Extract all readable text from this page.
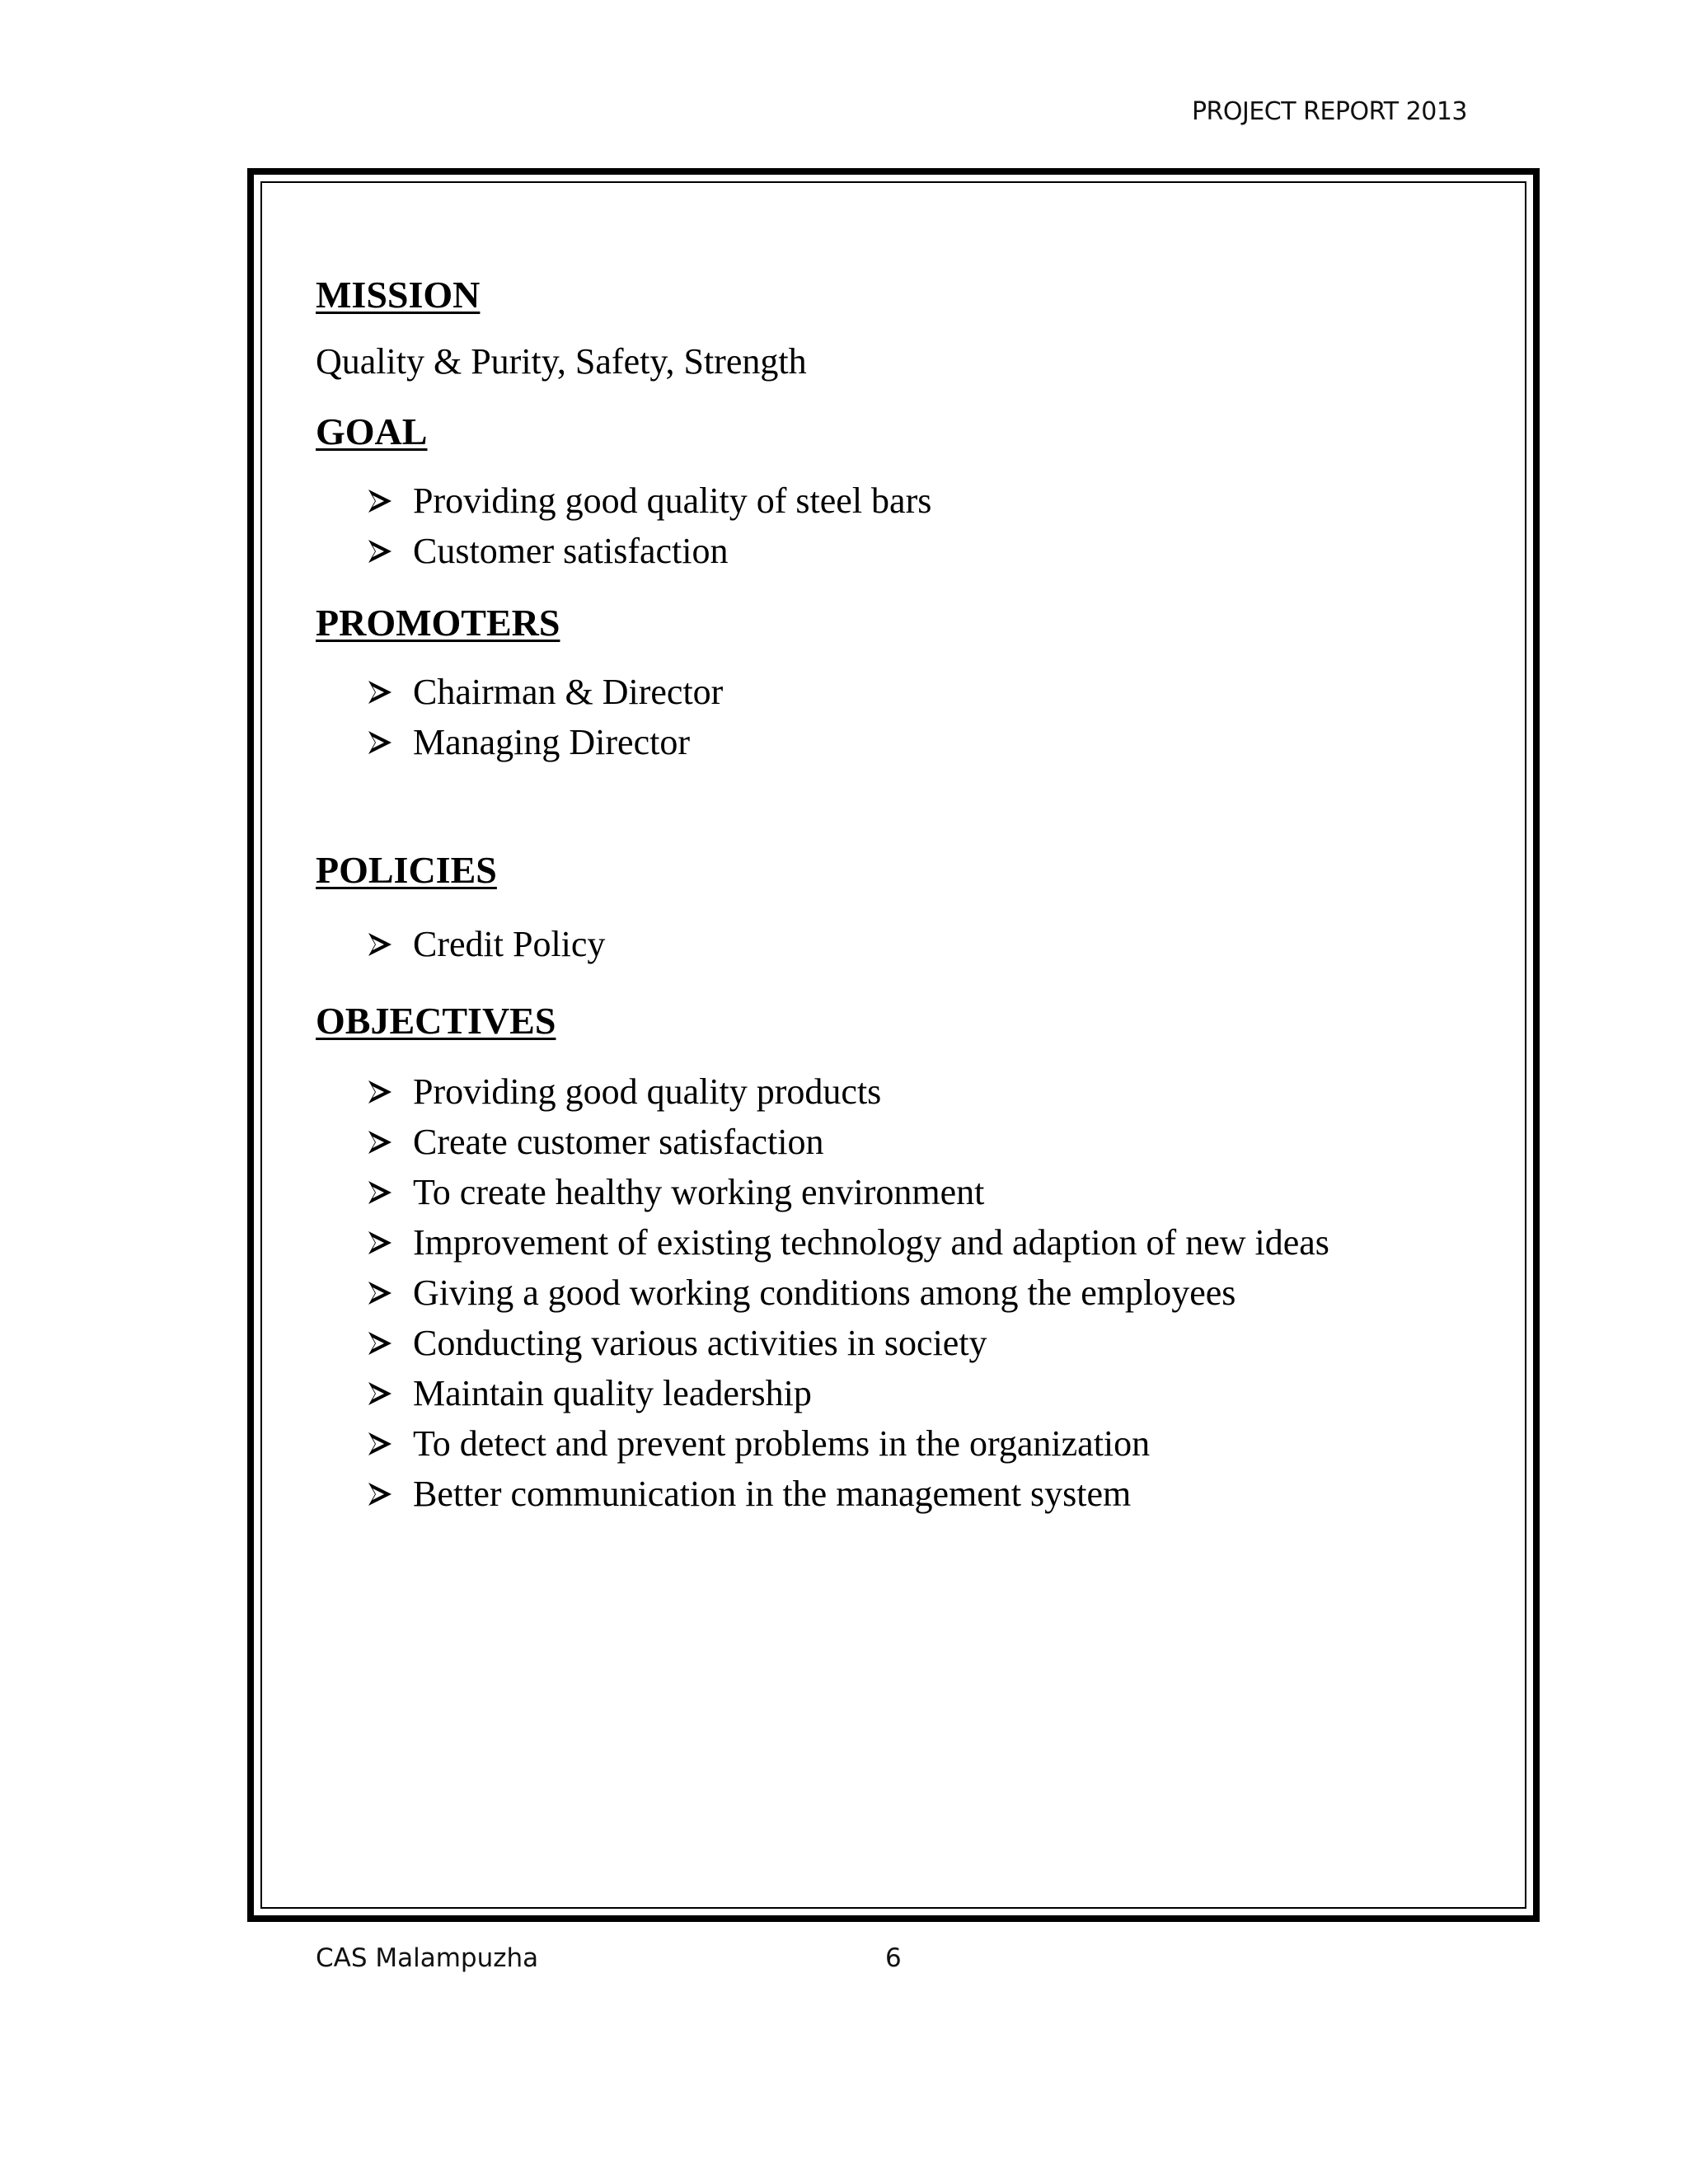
PROJECT REPORT 2013
MISSION

Quality & Purity, Safety, Strength

GOAL
Providing good quality of steel bars
Customer satisfaction
PROMOTERS
Chairman & Director
Managing Director
POLICIES
Credit Policy
OBJECTIVES
Providing good quality products
Create customer satisfaction
To create healthy working environment
Improvement of existing technology and adaption of new ideas
Giving a good working conditions among the employees
Conducting various activities in society
Maintain quality leadership
To detect and prevent problems in the organization
Better communication in the management system
CAS Malampuzha	6
